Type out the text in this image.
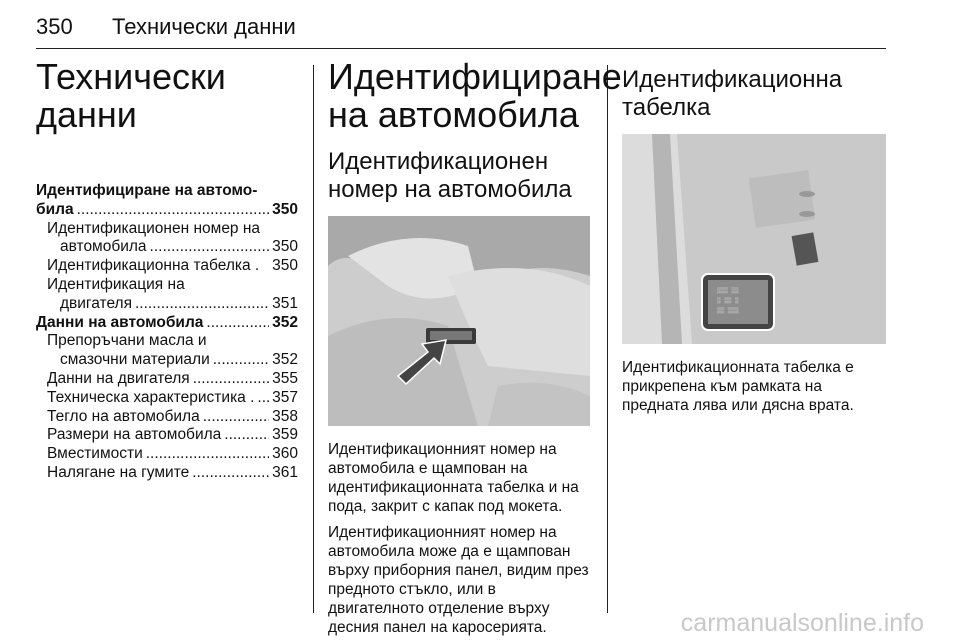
350 Технически данни
Технически данни
Идентифициране на автомо-
била .....	350
Идентификационен номер на
автомобила .....	350
Идентификационна табелка . 350
Идентификация на
двигателя .....	351
Данни на автомобила .....	352
Препоръчани масла и
смазочни материали .....	352
Данни на двигателя .....	355
Техническа характеристика . ..... 357
Тегло на автомобила .....	358
Размери на автомобила .....	359
Вместимости .....	360
Налягане на гумите .....	361
Идентифициране на автомобила
Идентификационен номер на автомобила

Идентификационният номер на автомобила е щампован на идентификационната табелка и на пода, закрит с капак под мокета.

Идентификационният номер на автомобила може да е щампован върху приборния панел, видим през предното стъкло, или в двигателното отделение върху десния панел на каросерията.

Идентификационна табелка
▒▒▒ ▒▒
▒ ▒▒ ▒
▒▒ ▒▒▒

Идентификационната табелка е прикрепена към рамката на предната лява или дясна врата.

carmanualsonline.info
